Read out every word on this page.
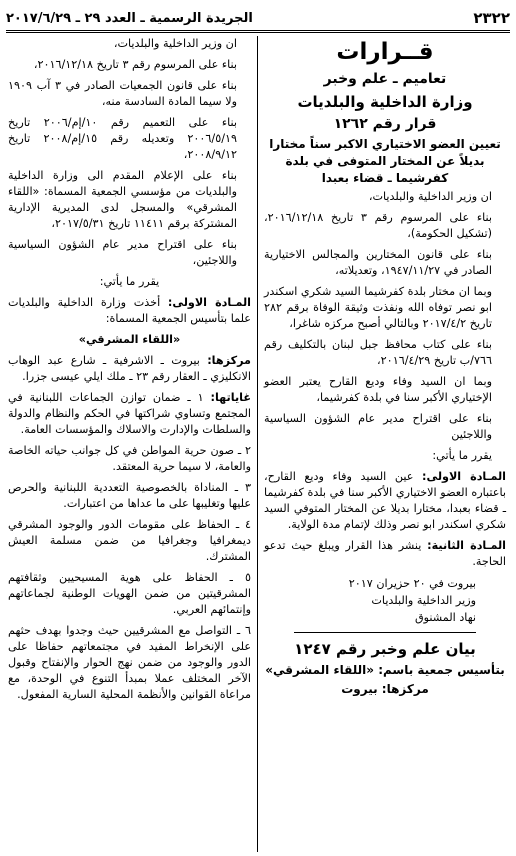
٢٣٢٢
الجريدة الرسمية ـ العدد ٢٩ ـ ٢٠١٧/٦/٢٩
قــرارات
تعاميم ـ علم وخبر
وزارة الداخلية والبلديات
قرار رقم ١٢٦٢
تعيين العضو الاختياري الاكبر سناً مختارا بديلاً عن المختار المتوفى في بلدة كفرشيما ـ قضاء بعبدا

ان وزير الداخلية والبلديات،

بناء على المرسوم رقم ٣ تاريخ ٢٠١٦/١٢/١٨، (تشكيل الحكومة)،

بناء على قانون المختارين والمجالس الاختيارية الصادر في ١٩٤٧/١١/٢٧، وتعديلاته،

وبما ان مختار بلدة كفرشيما السيد شكري اسكندر ابو نصر توفاه الله ونفذت وثيقة الوفاة برقم ٢٨٢ تاريخ ٢٠١٧/٤/٢ وبالتالي أصبح مركزه شاغرا،

بناء على كتاب محافظ جبل لبنان بالتكليف رقم ٧٦٦/ب تاريخ ٢٠١٦/٤/٢٩،

وبما ان السيد وفاء وديع القارح يعتبر العضو الإختياري الأكبر سنا في بلدة كفرشيما،

بناء على اقتراح مدير عام الشؤون السياسية واللاجئين

يقرر ما يأتي:

المـادة الاولى: عين السيد وفاء وديع القارح، باعتباره العضو الاختياري الأكبر سنا في بلدة كفرشيما ـ قضاء بعبدا، مختارا بديلا عن المختار المتوفي السيد شكري اسكندر ابو نصر وذلك لإتمام مدة الولاية.

المـادة الثانية: ينشر هذا القرار ويبلغ حيث تدعو الحاجة.

بيروت في ٢٠ حزيران ٢٠١٧

وزير الداخلية والبلديات

نهاد المشنوق

بيان علم وخبر رقم ١٢٤٧
بتأسيس جمعية باسم: «اللقاء المشرقي»
مركزها: بيروت

ان وزير الداخلية والبلديات،

بناء على المرسوم رقم ٣ تاريخ ٢٠١٦/١٢/١٨،

بناء على قانون الجمعيات الصادر في ٣ آب ١٩٠٩ ولا سيما المادة السادسة منه،

بناء على التعميم رقم ١٠/إم/٢٠٠٦ تاريخ ٢٠٠٦/٥/١٩ وتعديله رقم ١٥/إم/٢٠٠٨ تاريخ ٢٠٠٨/٩/١٢،

بناء على الإعلام المقدم الى وزارة الداخلية والبلديات من مؤسسي الجمعية المسماة: «اللقاء المشرقي» والمسجل لدى المديرية الإدارية المشتركة برقم ١١٤١١ تاريخ ٢٠١٧/٥/٣١،

بناء على اقتراح مدير عام الشؤون السياسية واللاجئين،

يقرر ما يأتي:

المـادة الاولى: أخذت وزارة الداخلية والبلديات علما بتأسيس الجمعية المسماة:

«اللقاء المشرقي»

مركزها: بيروت ـ الاشرفية ـ شارع عبد الوهاب الانكليزي ـ العقار رقم ٢٣ ـ ملك ايلي عيسى جزرا.

غاياتها: ١ ـ ضمان توازن الجماعات اللبنانية في المجتمع وتساوي شراكتها في الحكم والنظام والدولة والسلطات والإدارت والاسلاك والمؤسسات العامة.

٢ ـ صون حرية المواطن في كل جوانب حياته الخاصة والعامة، لا سيما حرية المعتقد.

٣ ـ المناداة بالخصوصية التعددية اللبنانية والحرص عليها وتغليبها على ما عداها من اعتبارات.

٤ ـ الحفاظ على مقومات الدور والوجود المشرقي ديمغرافيا وجغرافيا من ضمن مسلمة العيش المشترك.

٥ ـ الحفاظ على هوية المسيحيين وثقافتهم المشرقيتين من ضمن الهويات الوطنية لجماعاتهم وإنتمائهم العربي.

٦ ـ التواصل مع المشرقيين حيث وجدوا بهدف حثهم على الإنخراط المفيد في مجتمعاتهم حفاظا على الدور والوجود من ضمن نهج الحوار والإنفتاح وقبول الآخر المختلف عملا بمبدأ التنوع في الوحدة، مع مراعاة القوانين والأنظمة المحلية السارية المفعول.
